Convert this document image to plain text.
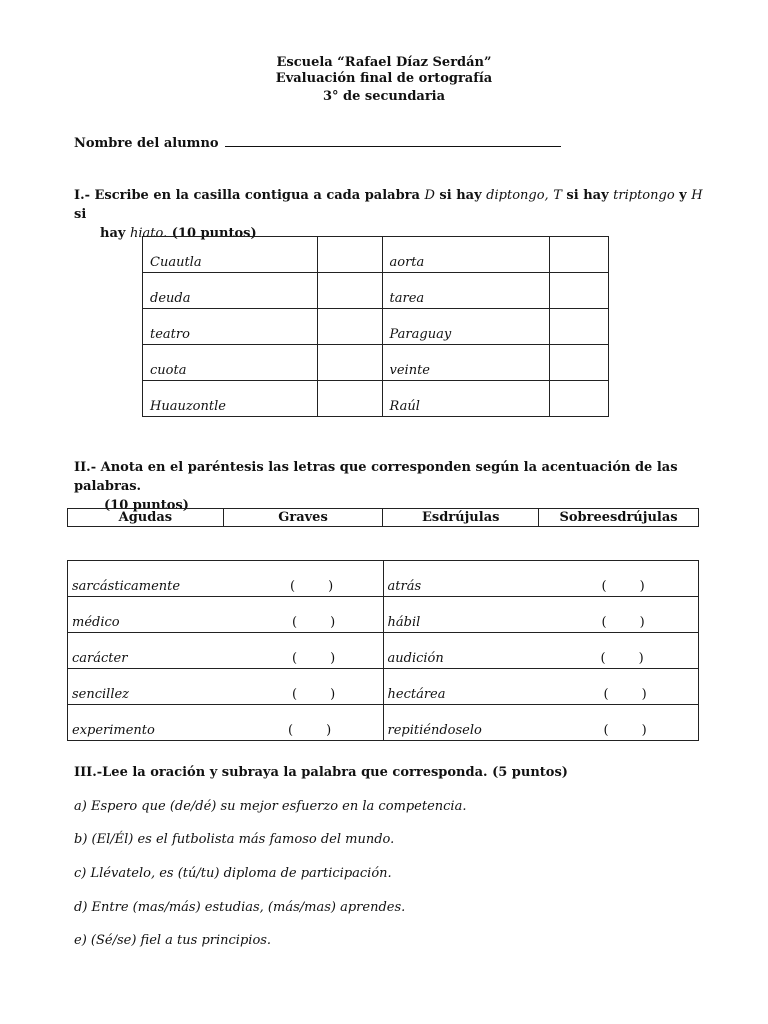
Escuela “Rafael Díaz Serdán”
Evaluación final de ortografía
3° de secundaria
Nombre del alumno
I.- Escribe en la casilla contigua a cada palabra D si hay diptongo, T si hay triptongo y H si
hay hiato. (10 puntos)
Cuautla		aorta	
deuda		tarea	
teatro		Paraguay	
cuota		veinte	
Huauzontle		Raúl	
II.- Anota en el paréntesis las letras que corresponden según la acentuación de las palabras.
(10 puntos)
Agudas	Graves	Esdrújulas	Sobreesdrújulas
sarcásticamente (        )	atrás (        )

médico (        )	hábil (        )

carácter (        )	audición (        )

sencillez (        )	hectárea (        )

experimento (        )	repitiéndoselo (        )
III.-Lee la oración y subraya la palabra que corresponda. (5 puntos)
a) Espero que (de/dé) su mejor esfuerzo en la competencia.
b) (El/Él) es el futbolista más famoso del mundo.
c) Llévatelo, es (tú/tu) diploma de participación.
d) Entre (mas/más) estudias, (más/mas) aprendes.
e) (Sé/se) fiel a tus principios.
